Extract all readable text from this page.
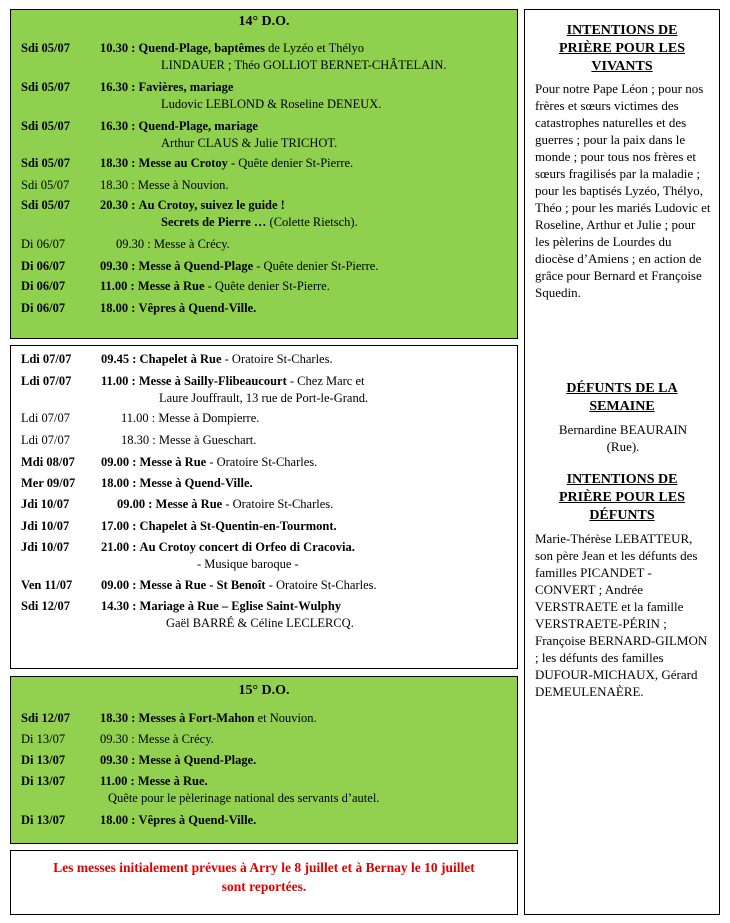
14° D.O.
Sdi 05/07 10.30 : Quend-Plage, baptêmes de Lyzéo et Thélyo
LINDAUER ; Théo GOLLIOT BERNET-CHÂTELAIN.
Sdi 05/07 16.30 : Favières, mariage
Ludovic LEBLOND & Roseline DENEUX.
Sdi 05/07 16.30 : Quend-Plage, mariage
Arthur CLAUS & Julie TRICHOT.
Sdi 05/07 18.30 : Messe au Crotoy - Quête denier St-Pierre.
Sdi 05/07 18.30 : Messe à Nouvion.
Sdi 05/07 20.30 : Au Crotoy, suivez le guide !
Secrets de Pierre … (Colette Rietsch).
Di 06/07	09.30 : Messe à Crécy.
Di 06/07	09.30 : Messe à Quend-Plage - Quête denier St-Pierre.
Di 06/07	11.00 : Messe à Rue - Quête denier St-Pierre.
Di 06/07	18.00 : Vêpres à Quend-Ville.
Ldi 07/07 09.45 : Chapelet à Rue - Oratoire St-Charles.
Ldi 07/07 11.00 : Messe à Sailly-Flibeaucourt - Chez Marc et
Laure Jouffrault, 13 rue de Port-le-Grand.
Ldi 07/07	11.00 : Messe à Dompierre.
Ldi 07/07	18.30 : Messe à Gueschart.
Mdi 08/07 09.00 : Messe à Rue - Oratoire St-Charles.
Mer 09/07 18.00 : Messe à Quend-Ville.
Jdi 10/07	09.00 : Messe à Rue - Oratoire St-Charles.
Jdi 10/07	17.00 : Chapelet à St-Quentin-en-Tourmont.
Jdi 10/07	21.00 : Au Crotoy concert di Orfeo di Cracovia.
- Musique baroque -
Ven 11/07 09.00 : Messe à Rue - St Benoît - Oratoire St-Charles.
Sdi 12/07 14.30 : Mariage à Rue – Eglise Saint-Wulphy
Gaël BARRÉ & Céline LECLERCQ.
15° D.O.
Sdi 12/07 18.30 : Messes à Fort-Mahon et Nouvion.
Di 13/07	09.30 : Messe à Crécy.
Di 13/07	09.30 : Messe à Quend-Plage.
Di 13/07	11.00 : Messe à Rue.
Quête pour le pèlerinage national des servants d’autel.
Di 13/07	18.00 : Vêpres à Quend-Ville.
Les messes initialement prévues à Arry le 8 juillet et à Bernay le 10 juillet
sont reportées.
INTENTIONS DE
PRIÈRE POUR LES
VIVANTS
Pour notre Pape Léon ; pour nos frères et sœurs victimes des catastrophes naturelles et des guerres ; pour la paix dans le monde ; pour tous nos frères et sœurs fragilisés par la maladie ; pour les baptisés Lyzéo, Thélyo, Théo ; pour les mariés Ludovic et Roseline, Arthur et Julie ; pour les pèlerins de Lourdes du diocèse d’Amiens ; en action de grâce pour Bernard et Françoise Squedin.
DÉFUNTS DE LA
SEMAINE
Bernardine BEAURAIN
(Rue).
INTENTIONS DE
PRIÈRE POUR LES
DÉFUNTS
Marie-Thérèse LEBATTEUR, son père Jean et les défunts des familles PICANDET - CONVERT ; Andrée VERSTRAETE et la famille VERSTRAETE-PÉRIN ; Françoise BERNARD-GILMON ; les défunts des familles DUFOUR-MICHAUX, Gérard DEMEULENAÈRE.
